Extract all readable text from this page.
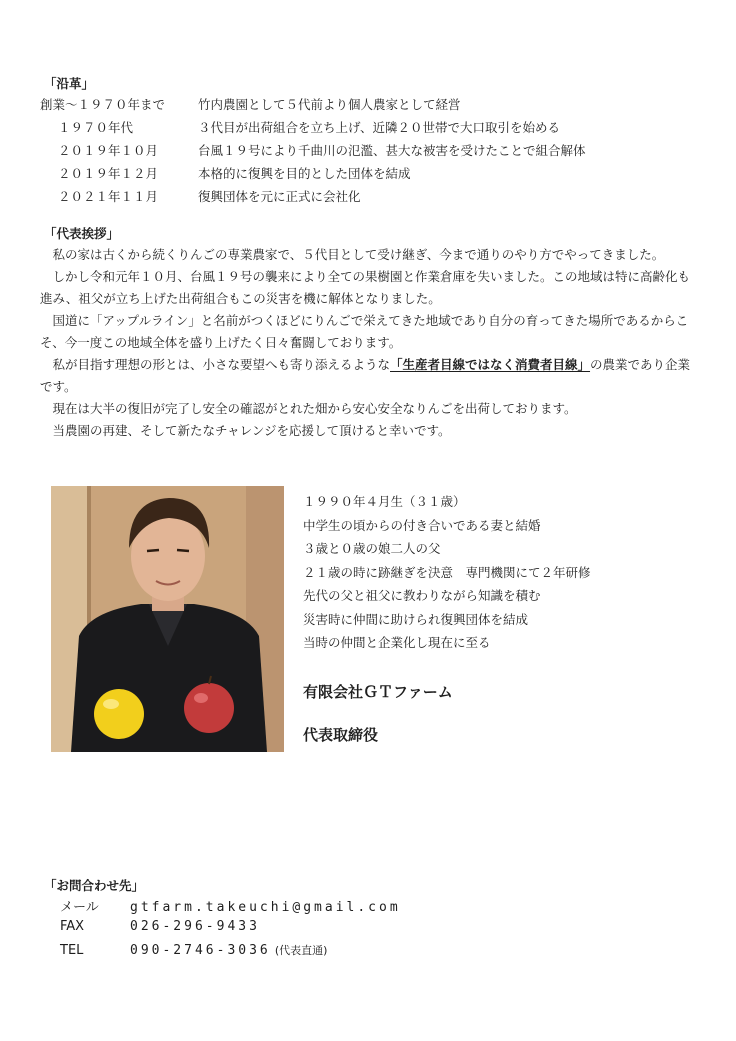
「沿革」
創業～１９７０年まで	竹内農園として５代前より個人農家として経営
１９７０年代	３代目が出荷組合を立ち上げ、近隣２０世帯で大口取引を始める
２０１９年１０月	台風１９号により千曲川の氾濫、甚大な被害を受けたことで組合解体
２０１９年１２月	本格的に復興を目的とした団体を結成
２０２１年１１月	復興団体を元に正式に会社化
「代表挨拶」

私の家は古くから続くりんごの専業農家で、５代目として受け継ぎ、今まで通りのやり方でやってきました。

しかし令和元年１０月、台風１９号の襲来により全ての果樹園と作業倉庫を失いました。この地域は特に高齢化も進み、祖父が立ち上げた出荷組合もこの災害を機に解体となりました。

国道に「アップルライン」と名前がつくほどにりんごで栄えてきた地域であり自分の育ってきた場所であるからこそ、今一度この地域全体を盛り上げたく日々奮闘しております。

私が目指す理想の形とは、小さな要望へも寄り添えるような「生産者目線ではなく消費者目線」の農業であり企業です。

現在は大半の復旧が完了し安全の確認がとれた畑から安心安全なりんごを出荷しております。

当農園の再建、そして新たなチャレンジを応援して頂けると幸いです。

１９９０年４月生（３１歳）
中学生の頃からの付き合いである妻と結婚
３歳と０歳の娘二人の父
２１歳の時に跡継ぎを決意　専門機関にて２年研修
先代の父と祖父に教わりながら知識を積む
災害時に仲間に助けられ復興団体を結成
当時の仲間と企業化し現在に至る
有限会社ＧＴファーム
代表取締役
「お問合わせ先」
メール gtfarm.takeuchi@gmail.com
FAX	026-296-9433
TEL	090-2746-3036 (代表直通)
